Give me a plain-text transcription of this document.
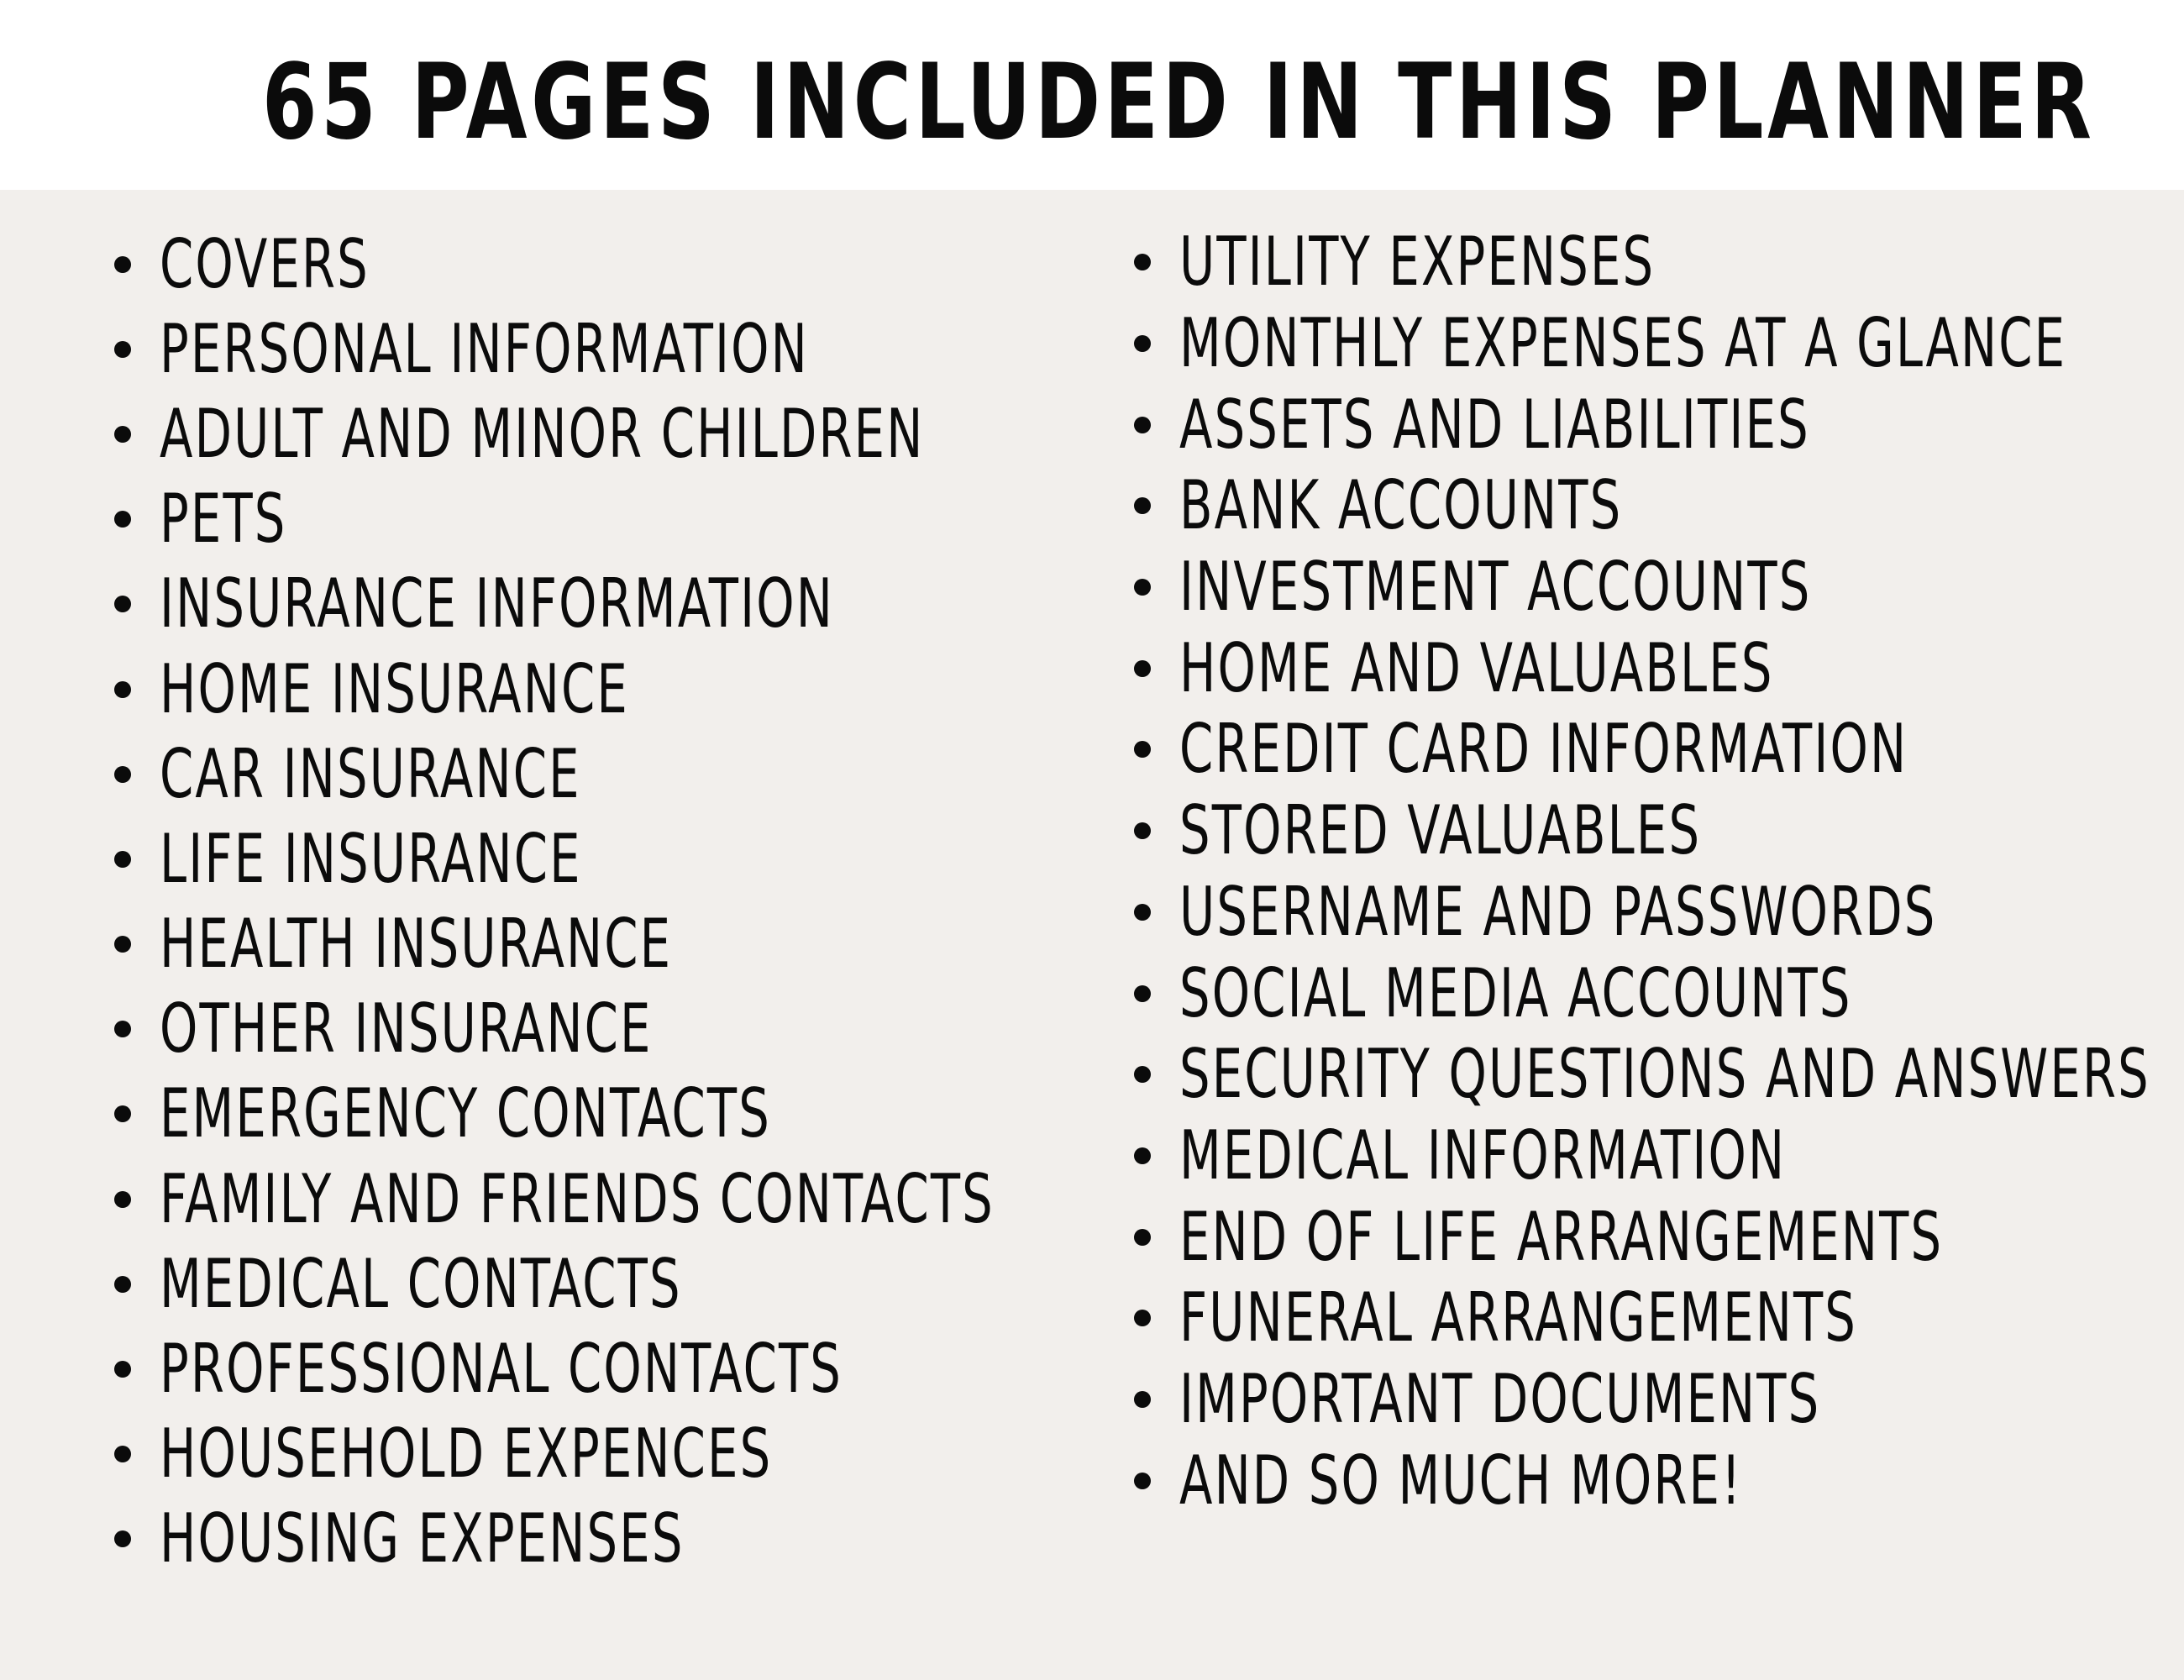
65 PAGES INCLUDED IN THIS PLANNER
COVERS
PERSONAL INFORMATION
ADULT AND MINOR CHILDREN
PETS
INSURANCE INFORMATION
HOME INSURANCE
CAR INSURANCE
LIFE INSURANCE
HEALTH INSURANCE
OTHER INSURANCE
EMERGENCY CONTACTS
FAMILY AND FRIENDS CONTACTS
MEDICAL CONTACTS
PROFESSIONAL CONTACTS
HOUSEHOLD EXPENCES
HOUSING EXPENSES
UTILITY EXPENSES
MONTHLY EXPENSES AT A GLANCE
ASSETS AND LIABILITIES
BANK ACCOUNTS
INVESTMENT ACCOUNTS
HOME AND VALUABLES
CREDIT CARD INFORMATION
STORED VALUABLES
USERNAME AND PASSWORDS
SOCIAL MEDIA ACCOUNTS
SECURITY QUESTIONS AND ANSWERS
MEDICAL INFORMATION
END OF LIFE ARRANGEMENTS
FUNERAL ARRANGEMENTS
IMPORTANT DOCUMENTS
AND SO MUCH MORE!
